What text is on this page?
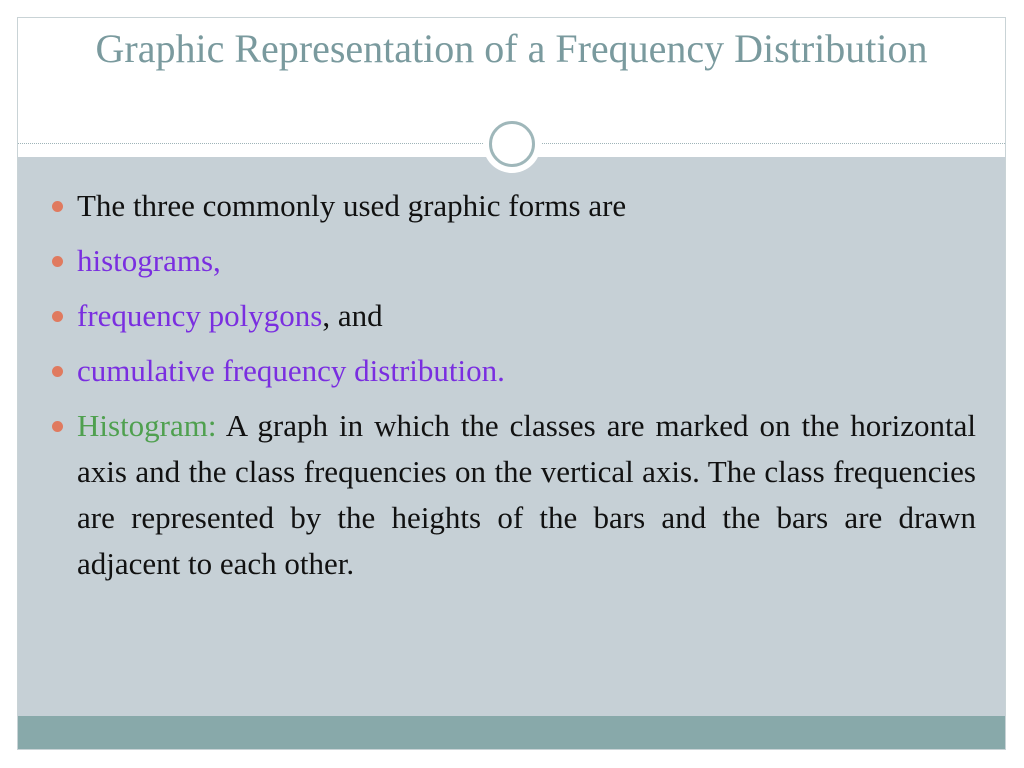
Graphic Representation of a Frequency Distribution
The three commonly used graphic forms are
histograms,
frequency polygons, and
cumulative frequency distribution.
Histogram: A graph in which the classes are marked on the horizontal axis and the class frequencies on the vertical axis. The class frequencies are represented by the heights of the bars and the bars are drawn adjacent to each other.
